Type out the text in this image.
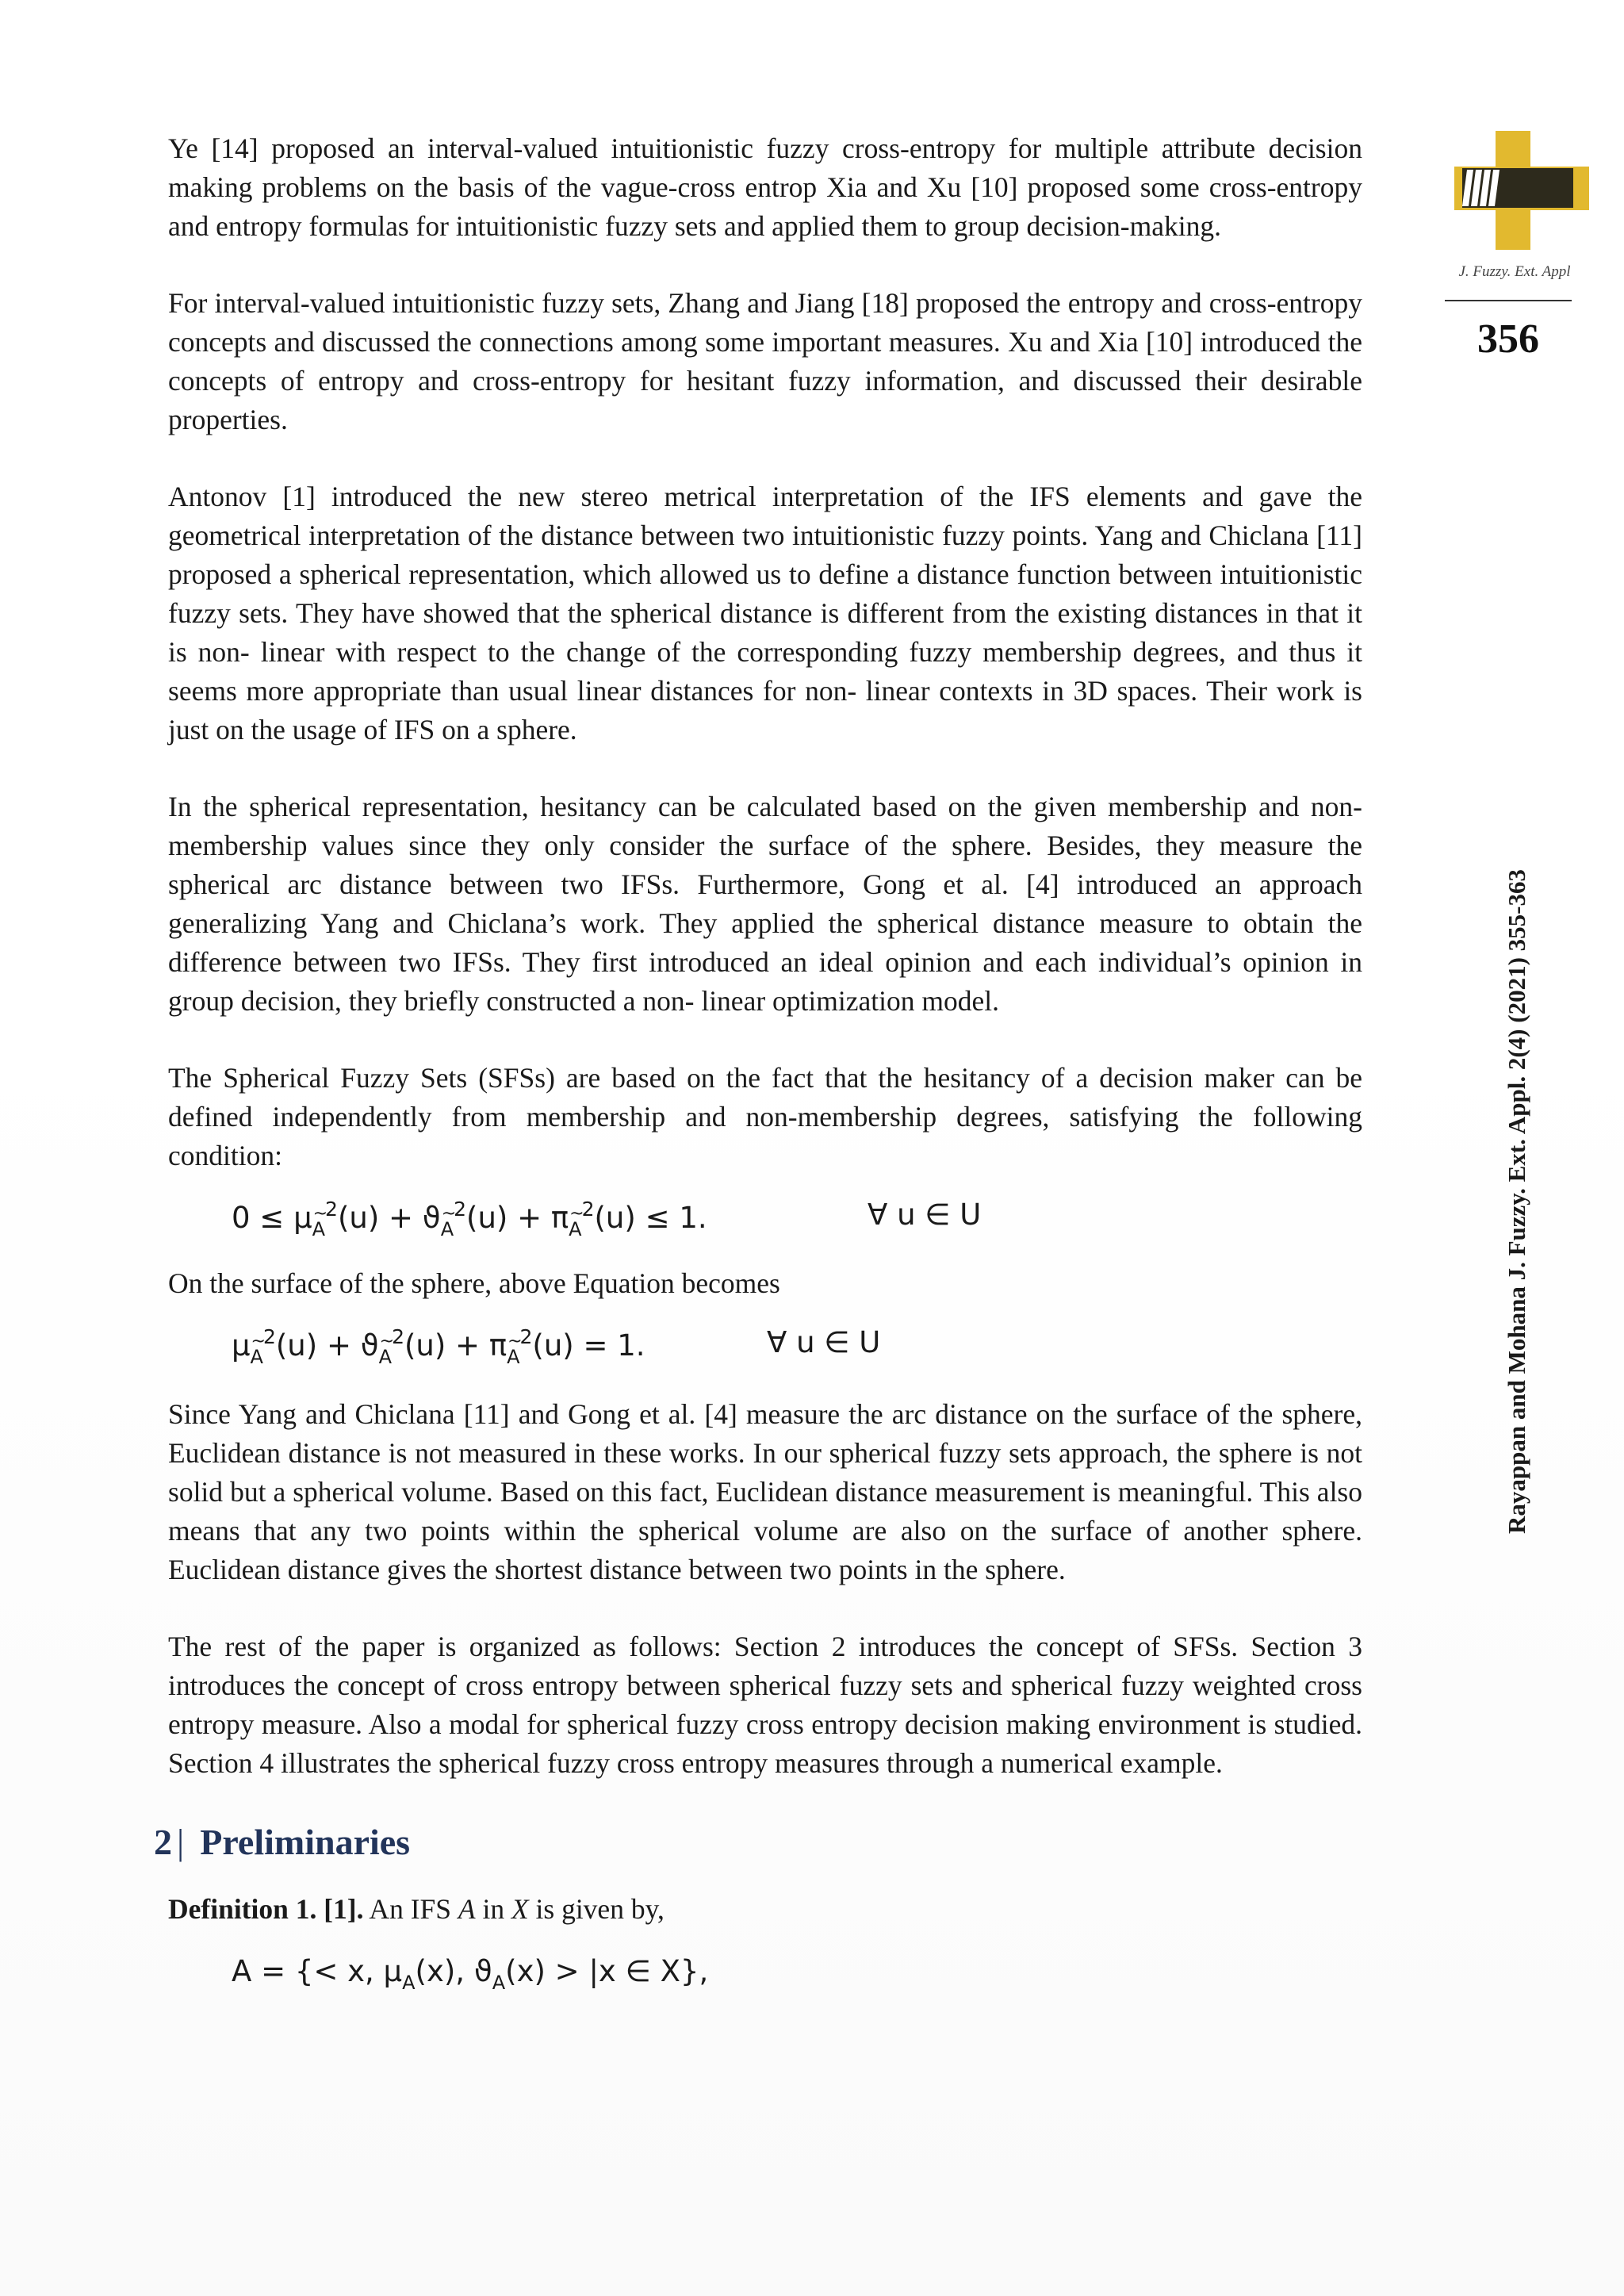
J. Fuzzy. Ext. Appl
356
Rayappan and Mohana J. Fuzzy. Ext. Appl. 2(4) (2021) 355-363

Ye [14] proposed an interval-valued intuitionistic fuzzy cross-entropy for multiple attribute decision making problems on the basis of the vague-cross entrop Xia and Xu [10] proposed some cross-entropy and entropy formulas for intuitionistic fuzzy sets and applied them to group decision-making.

For interval-valued intuitionistic fuzzy sets, Zhang and Jiang [18] proposed the entropy and cross-entropy concepts and discussed the connections among some important measures. Xu and Xia [10] introduced the concepts of entropy and cross-entropy for hesitant fuzzy information, and discussed their desirable properties.

Antonov [1] introduced the new stereo metrical interpretation of the IFS elements and gave the geometrical interpretation of the distance between two intuitionistic fuzzy points. Yang and Chiclana [11] proposed a spherical representation, which allowed us to define a distance function between intuitionistic fuzzy sets. They have showed that the spherical distance is different from the existing distances in that it is non- linear with respect to the change of the corresponding fuzzy membership degrees, and thus it seems more appropriate than usual linear distances for non- linear contexts in 3D spaces. Their work is just on the usage of IFS on a sphere.

In the spherical representation, hesitancy can be calculated based on the given membership and non-membership values since they only consider the surface of the sphere. Besides, they measure the spherical arc distance between two IFSs. Furthermore, Gong et al. [4] introduced an approach generalizing Yang and Chiclana’s work. They applied the spherical distance measure to obtain the difference between two IFSs. They first introduced an ideal opinion and each individual’s opinion in group decision, they briefly constructed a non- linear optimization model.

The Spherical Fuzzy Sets (SFSs) are based on the fact that the hesitancy of a decision maker can be defined independently from membership and non-membership degrees, satisfying the following condition:

0 ≤ μ~ $_A^2$(u) + ϑ~ $_A^2$(u) + π~ $_A^2$(u) ≤ 1.	∀ u ∈ U

On the surface of the sphere, above Equation becomes

μ~ $_A^2$(u) + ϑ~ $_A^2$(u) + π~ $_A^2$(u) = 1.	∀ u ∈ U

Since Yang and Chiclana [11] and Gong et al. [4] measure the arc distance on the surface of the sphere, Euclidean distance is not measured in these works. In our spherical fuzzy sets approach, the sphere is not solid but a spherical volume. Based on this fact, Euclidean distance measurement is meaningful. This also means that any two points within the spherical volume are also on the surface of another sphere. Euclidean distance gives the shortest distance between two points in the sphere.

The rest of the paper is organized as follows: Section 2 introduces the concept of SFSs. Section 3 introduces the concept of cross entropy between spherical fuzzy sets and spherical fuzzy weighted cross entropy measure. Also a modal for spherical fuzzy cross entropy decision making environment is studied. Section 4 illustrates the spherical fuzzy cross entropy measures through a numerical example.

2 | Preliminaries

Definition 1. [1]. An IFS A in X is given by,

A = {< x, $\mu_A(x)$, $ϑ_A(x) > |x$ ∈ X},
